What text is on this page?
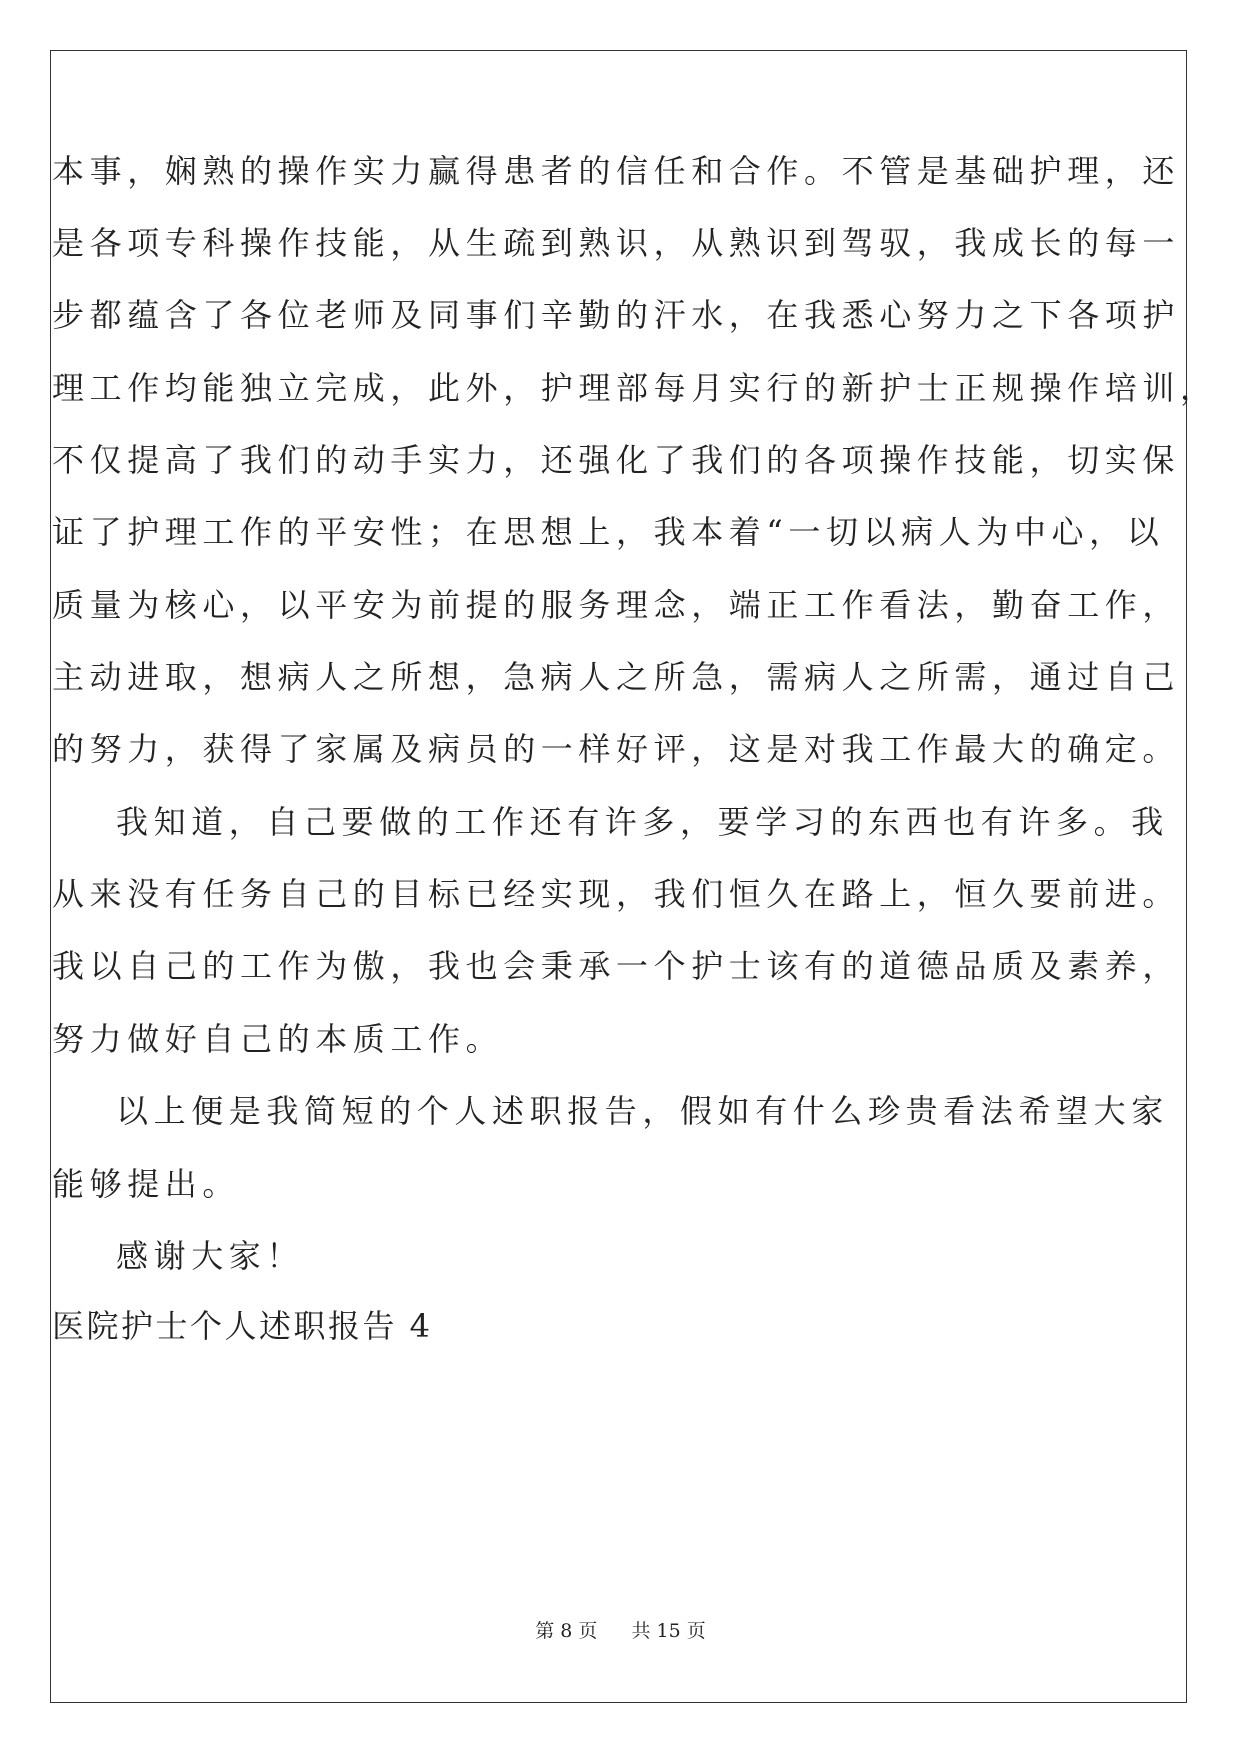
本事，娴熟的操作实力赢得患者的信任和合作。不管是基础护理，还
是各项专科操作技能，从生疏到熟识，从熟识到驾驭，我成长的每一
步都蕴含了各位老师及同事们辛勤的汗水，在我悉心努力之下各项护
理工作均能独立完成，此外，护理部每月实行的新护士正规操作培训，
不仅提高了我们的动手实力，还强化了我们的各项操作技能，切实保
证了护理工作的平安性；在思想上，我本着“一切以病人为中心，以
质量为核心，以平安为前提的服务理念，端正工作看法，勤奋工作，
主动进取，想病人之所想，急病人之所急，需病人之所需，通过自己
的努力，获得了家属及病员的一样好评，这是对我工作最大的确定。
我知道，自己要做的工作还有许多，要学习的东西也有许多。我
从来没有任务自己的目标已经实现，我们恒久在路上，恒久要前进。
我以自己的工作为傲，我也会秉承一个护士该有的道德品质及素养，
努力做好自己的本质工作。
以上便是我简短的个人述职报告，假如有什么珍贵看法希望大家
能够提出。
感谢大家！
医院护士个人述职报告 4
第 8 页 共 15 页
